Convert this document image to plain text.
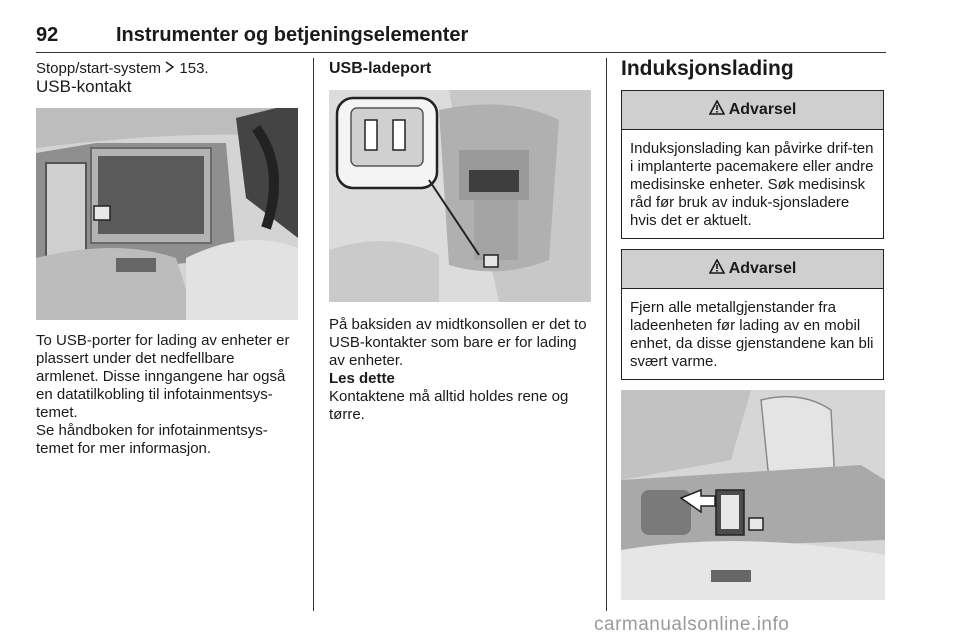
92	Instrumenter og betjeningselementer

Stopp/start-system 153.

USB-kontakt

To USB-porter for lading av enheter er plassert under det nedfellbare armlenet. Disse inngangene har også en datatilkobling til infotainmentsys-temet.

Se håndboken for infotainmentsys-temet for mer informasjon.

USB-ladeport

På baksiden av midtkonsollen er det to USB-kontakter som bare er for lading av enheter.

Les dette

Kontaktene må alltid holdes rene og tørre.

Induksjonslading

Advarsel
Induksjonslading kan påvirke drif-ten i implanterte pacemakere eller andre medisinske enheter. Søk medisinsk råd før bruk av induk-sjonsladere hvis det er aktuelt.
Advarsel
Fjern alle metallgjenstander fra ladeenheten før lading av en mobil enhet, da disse gjenstandene kan bli svært varme.
carmanualsonline.info
